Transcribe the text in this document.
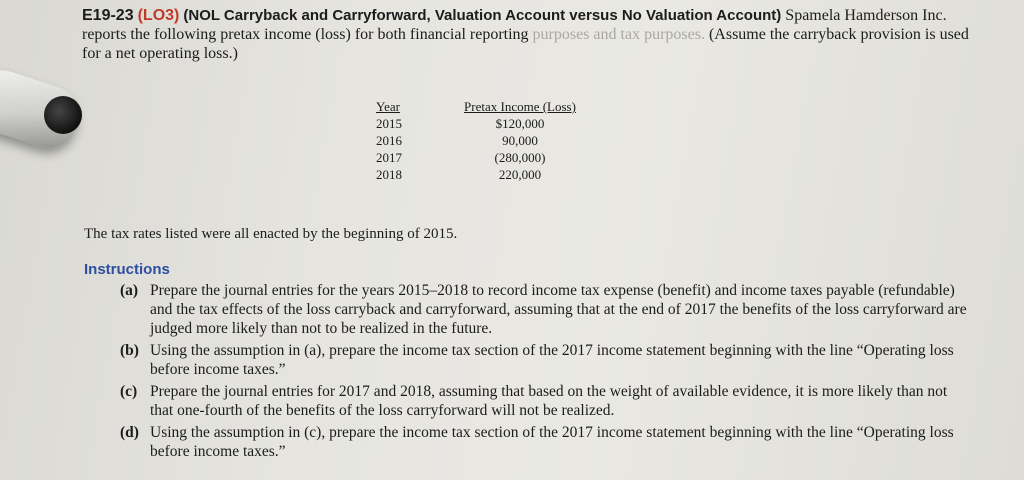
E19-23 (LO3) (NOL Carryback and Carryforward, Valuation Account versus No Valuation Account) Spamela Hamderson Inc. reports the following pretax income (loss) for both financial reporting purposes and tax purposes. (Assume the carryback provision is used for a net operating loss.)
Year
2015
2016
2017
2018
Pretax Income (Loss)
$120,000
90,000
(280,000)
220,000
The tax rates listed were all enacted by the beginning of 2015.
Instructions
(a) Prepare the journal entries for the years 2015–2018 to record income tax expense (benefit) and income taxes payable (refundable) and the tax effects of the loss carryback and carryforward, assuming that at the end of 2017 the benefits of the loss carryforward are judged more likely than not to be realized in the future.
(b) Using the assumption in (a), prepare the income tax section of the 2017 income statement beginning with the line “Operating loss before income taxes.”
(c) Prepare the journal entries for 2017 and 2018, assuming that based on the weight of available evidence, it is more likely than not that one-fourth of the benefits of the loss carryforward will not be realized.
(d) Using the assumption in (c), prepare the income tax section of the 2017 income statement beginning with the line “Operating loss before income taxes.”
